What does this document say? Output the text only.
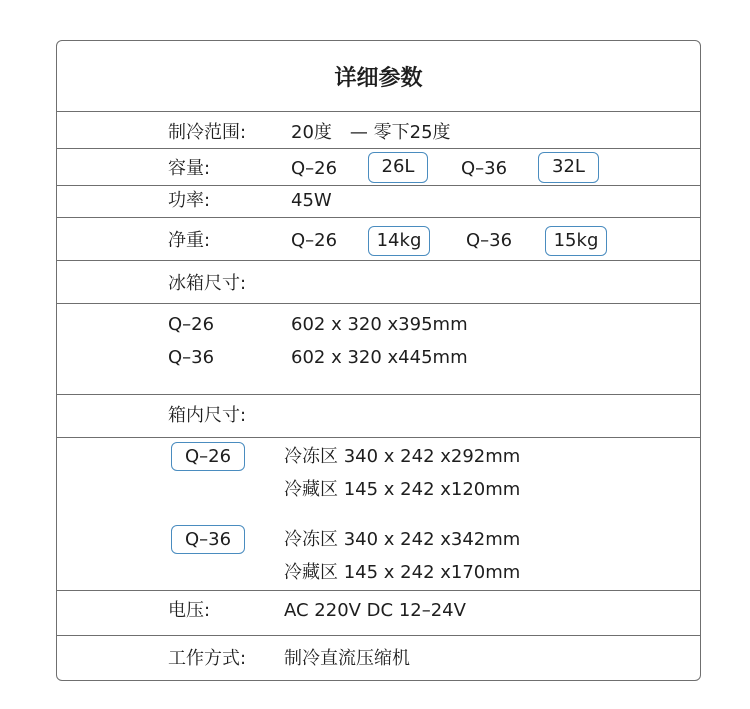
详细参数
制冷范围: 20度　— 零下25度
容量:	Q–26	26L	Q–36	32L
功率:	45W
净重:	Q–26	14kg	Q–36	15kg
冰箱尺寸:
Q–26	602 x 320 x395mm
Q–36	602 x 320 x445mm
箱内尺寸:
Q–26	冷冻区 340 x 242 x292mm
冷藏区 145 x 242 x120mm
Q–36	冷冻区 340 x 242 x342mm
冷藏区 145 x 242 x170mm
电压:	AC 220V DC 12–24V
工作方式: 制冷直流压缩机
